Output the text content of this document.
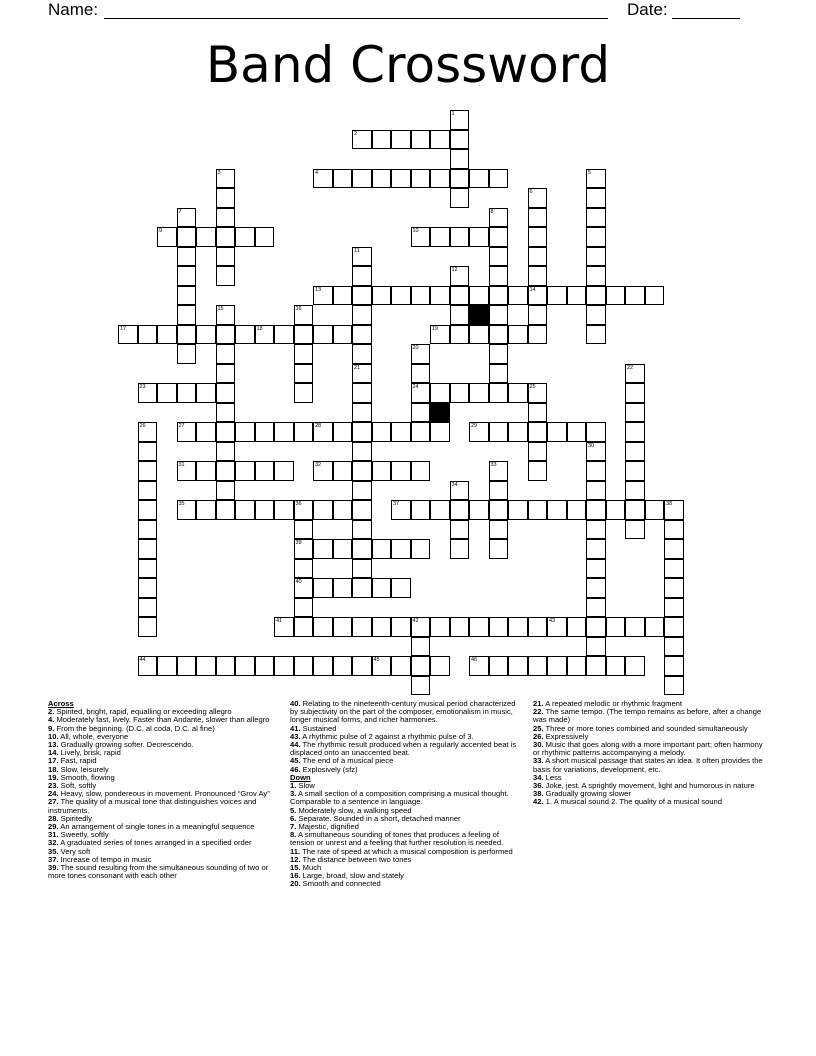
Name:	Date:
Band Crossword
2
4
9	10
13	14
17	18	19
23	24
27	28	29
31	32
35	36	37
39
40
41	42	43
44	45	46
1
3	5
6
7	8
11
12
15	16
20
21	22
25
26
30
33
34
38
Across
2. Spirited, bright, rapid, equalling or exceeding allegro
4. Moderately fast, lively. Faster than Andante, slower than allegro
9. From the beginning. (D.C. al coda, D.C. al fine)
10. All, whole, everyone
13. Gradually growing softer. Decrescendo.
14. Lively, brisk, rapid
17. Fast, rapid
18. Slow, leisurely
19. Smooth, flowing
23. Soft, softly
24. Heavy, slow, pondereous in movement. Pronounced “Grov Ay”
27. The quality of a musical tone that distinguishes voices and instruments.
28. Spiritedly
29. An arrangement of single tones in a meaningful sequence
31. Sweetly, softly
32. A graduated series of tones arranged in a specified order
35. Very soft
37. Increase of tempo in music
39. The sound resulting from the simultaneous sounding of two or more tones consonant with each other
40. Relating to the nineteenth-century musical period characterized by subjectivity on the part of the composer, emotionalism in music, longer musical forms, and richer harmonies.
41. Sustained
43. A rhythmic pulse of 2 against a rhythmic pulse of 3.
44. The rhythmic result produced when a regularly accented beat is displaced onto an unaccented beat.
45. The end of a musical piece
46. Explosively (sfz)
Down
1. Slow
3. A small section of a composition comprising a musical thought. Comparable to a sentence in language.
5. Moderately slow, a walking speed
6. Separate. Sounded in a short, detached manner
7. Majestic, dignified
8. A simultaneous sounding of tones that produces a feeling of tension or unrest and a feeling that further resolution is needed.
11. The rate of speed at which a musical composition is performed
12. The distance between two tones
15. Much
16. Large, broad, slow and stately
20. Smooth and connected
21. A repeated melodic or rhythmic fragment
22. The same tempo. (The tempo remains as before, after a change was made)
25. Three or more tones combined and sounded simultaneously
26. Expressively
30. Music that goes along with a more important part; often harmony or rhythmic patterns accompanying a melody.
33. A short musical passage that states an idea. It often provides the basis for variations, development, etc.
34. Less
36. Joke, jest. A sprightly movement, light and humorous in nature
38. Gradually growing slower
42. 1. A musical sound 2. The quality of a musical sound
